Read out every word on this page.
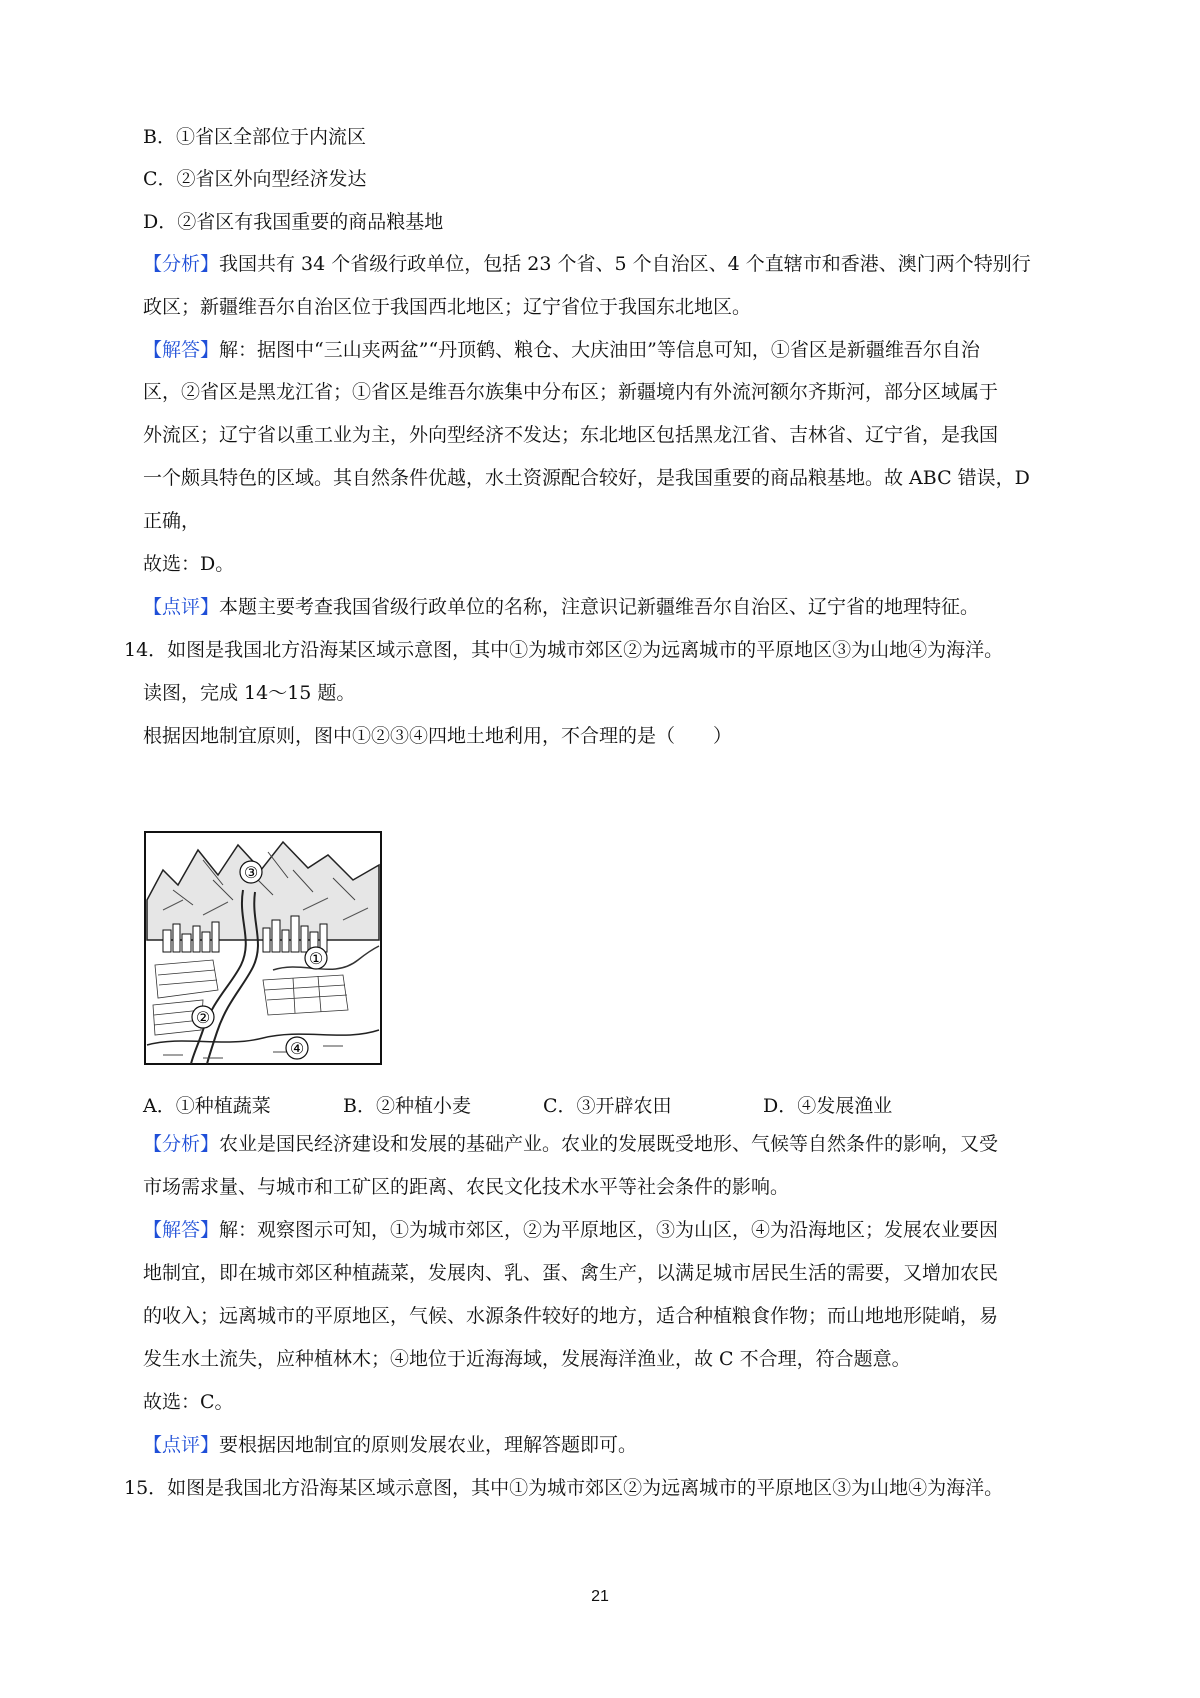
B．①省区全部位于内流区
C．②省区外向型经济发达
D．②省区有我国重要的商品粮基地
【分析】我国共有 34 个省级行政单位，包括 23 个省、5 个自治区、4 个直辖市和香港、澳门两个特别行
政区；新疆维吾尔自治区位于我国西北地区；辽宁省位于我国东北地区。
【解答】解：据图中“三山夹两盆”“丹顶鹤、粮仓、大庆油田”等信息可知，①省区是新疆维吾尔自治
区，②省区是黑龙江省；①省区是维吾尔族集中分布区；新疆境内有外流河额尔齐斯河，部分区域属于
外流区；辽宁省以重工业为主，外向型经济不发达；东北地区包括黑龙江省、吉林省、辽宁省，是我国
一个颇具特色的区域。其自然条件优越，水土资源配合较好，是我国重要的商品粮基地。故 ABC 错误，D
正确，
故选：D。
【点评】本题主要考查我国省级行政单位的名称，注意识记新疆维吾尔自治区、辽宁省的地理特征。
14．如图是我国北方沿海某区域示意图，其中①为城市郊区②为远离城市的平原地区③为山地④为海洋。
读图，完成 14～15 题。
根据因地制宜原则，图中①②③④四地土地利用，不合理的是（　　）
③
①
②
④
A．①种植蔬菜	B．②种植小麦	C．③开辟农田	D．④发展渔业
【分析】农业是国民经济建设和发展的基础产业。农业的发展既受地形、气候等自然条件的影响，又受
市场需求量、与城市和工矿区的距离、农民文化技术水平等社会条件的影响。
【解答】解：观察图示可知，①为城市郊区，②为平原地区，③为山区，④为沿海地区；发展农业要因
地制宜，即在城市郊区种植蔬菜，发展肉、乳、蛋、禽生产，以满足城市居民生活的需要，又增加农民
的收入；远离城市的平原地区，气候、水源条件较好的地方，适合种植粮食作物；而山地地形陡峭，易
发生水土流失，应种植林木；④地位于近海海域，发展海洋渔业，故 C 不合理，符合题意。
故选：C。
【点评】要根据因地制宜的原则发展农业，理解答题即可。
15．如图是我国北方沿海某区域示意图，其中①为城市郊区②为远离城市的平原地区③为山地④为海洋。
21
